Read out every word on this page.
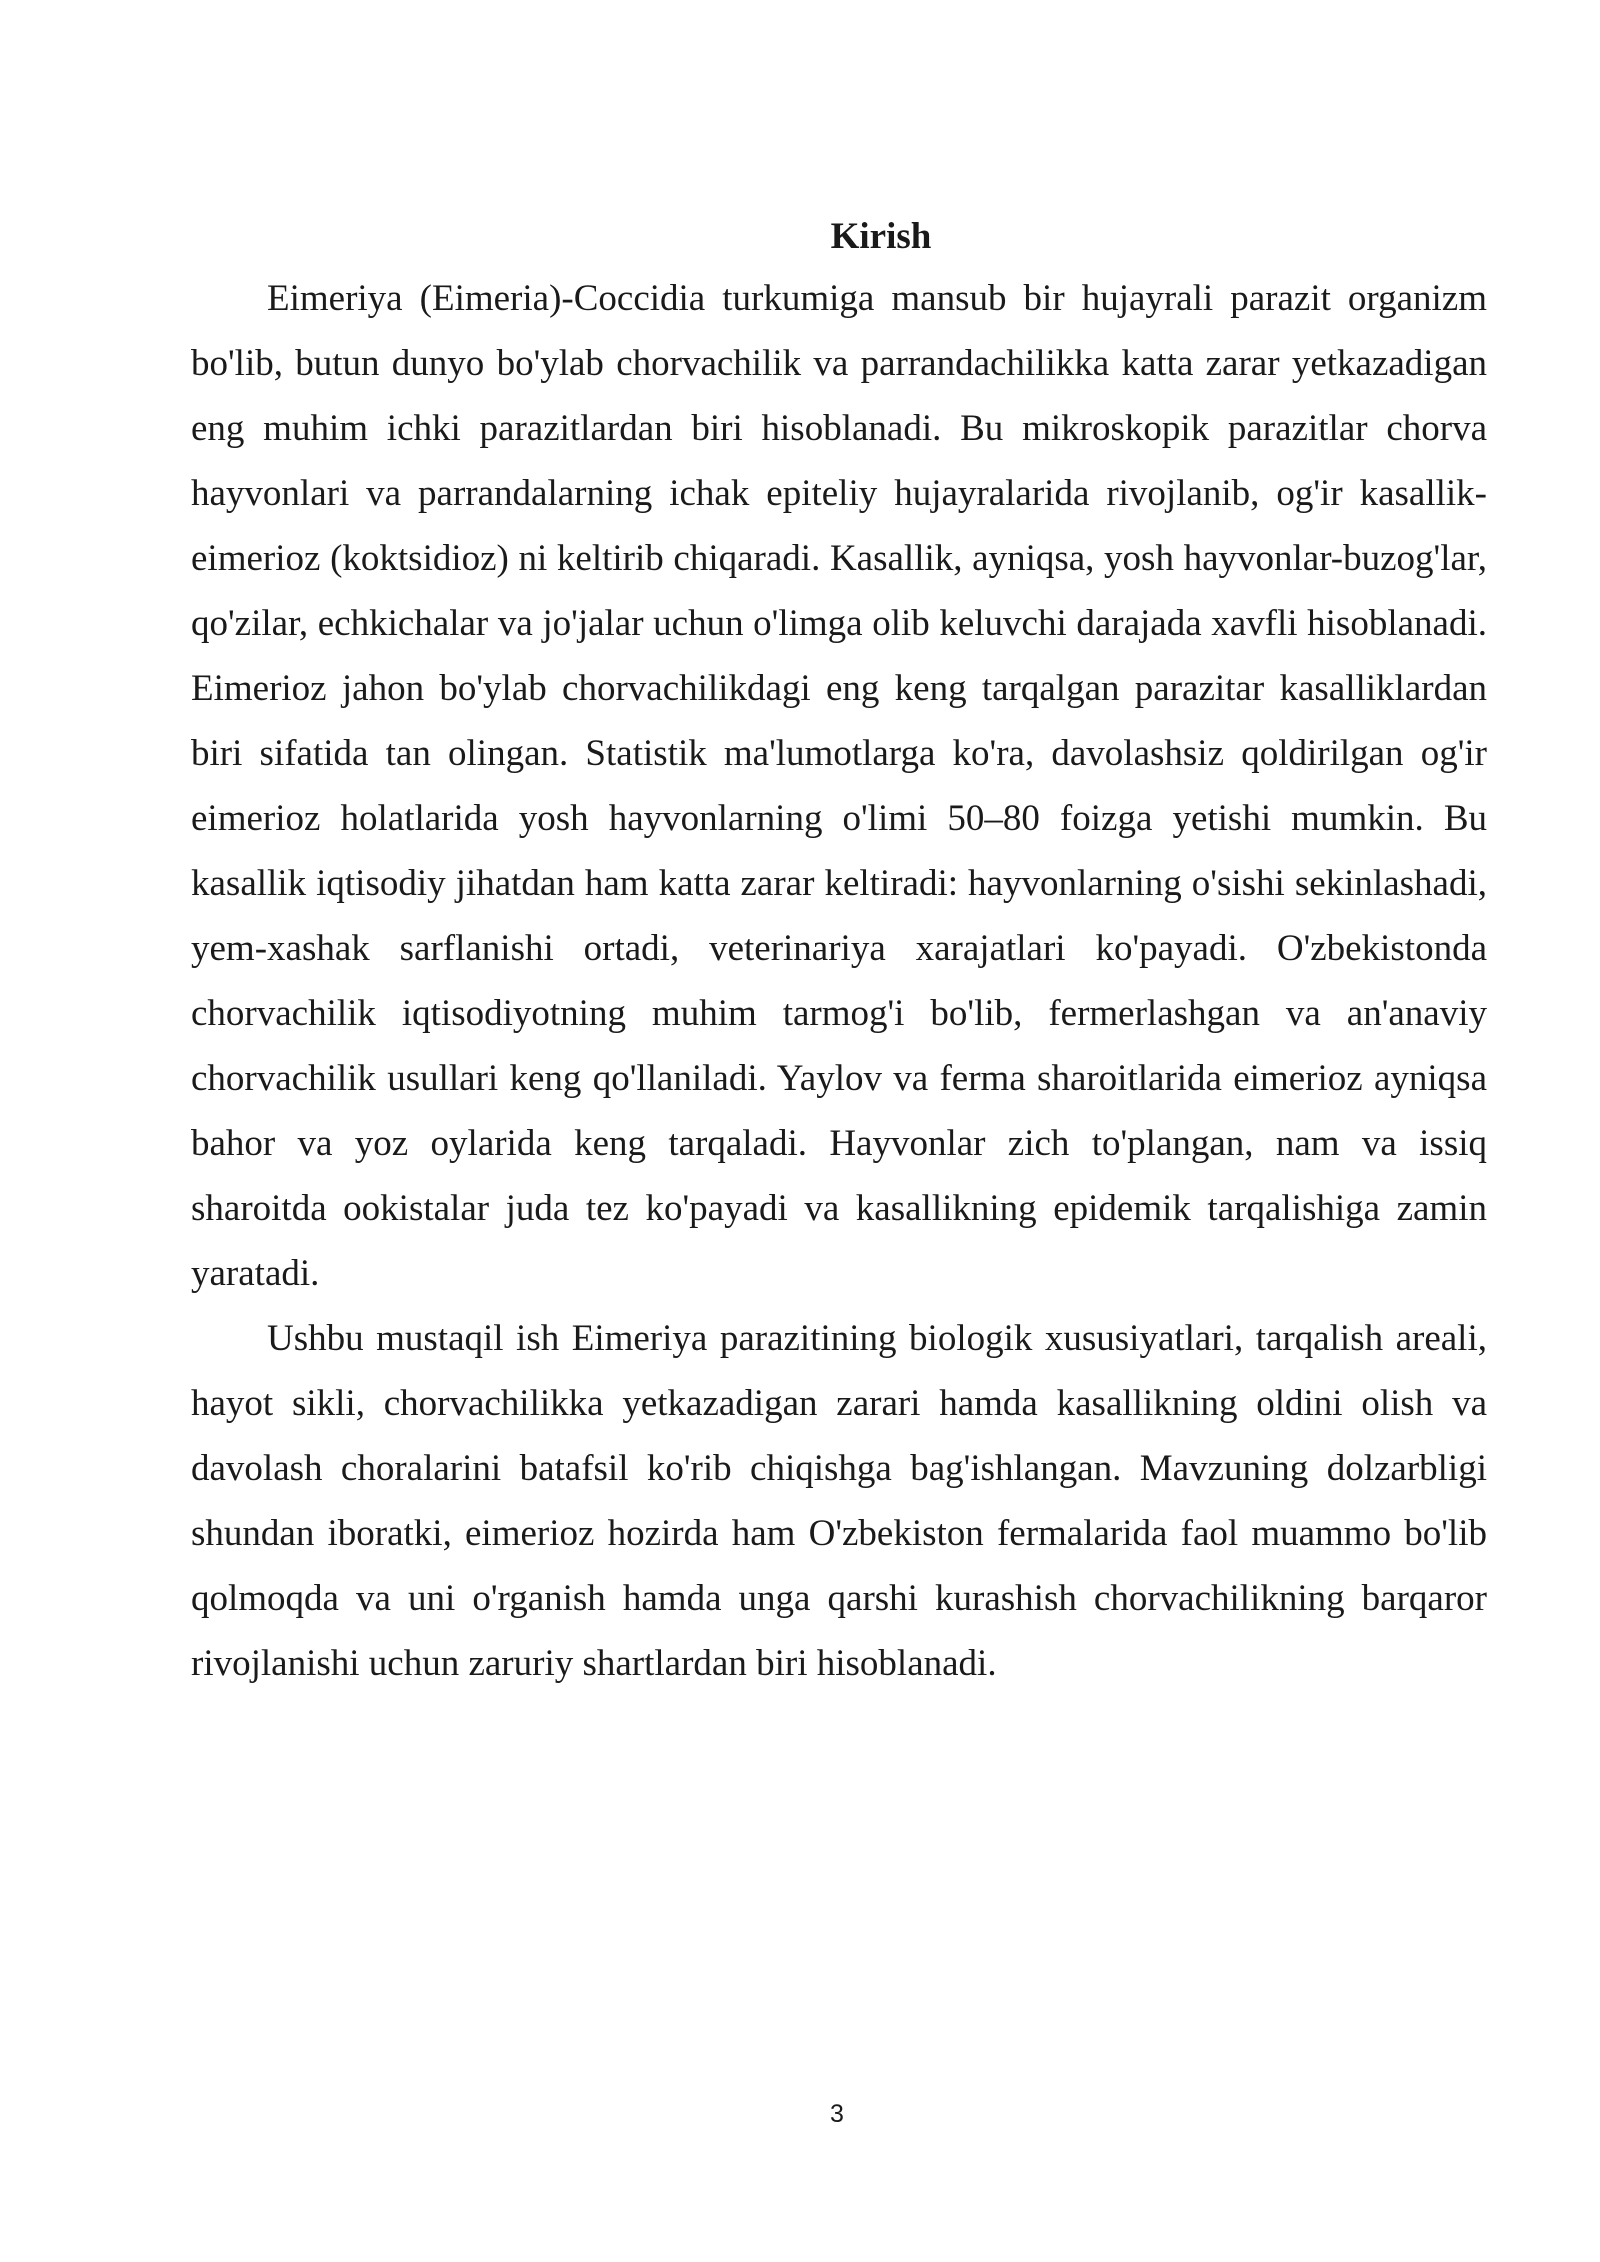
Kirish

Eimeriya (Eimeria)-Coccidia turkumiga mansub bir hujayrali parazit organizm bo'lib, butun dunyo bo'ylab chorvachilik va parrandachilikka katta zarar yetkazadigan eng muhim ichki parazitlardan biri hisoblanadi. Bu mikroskopik parazitlar chorva hayvonlari va parrandalarning ichak epiteliy hujayralarida rivojlanib, og'ir kasallik-eimerioz (koktsidioz) ni keltirib chiqaradi. Kasallik, ayniqsa, yosh hayvonlar-buzog'lar, qo'zilar, echkichalar va jo'jalar uchun o'limga olib keluvchi darajada xavfli hisoblanadi. Eimerioz jahon bo'ylab chorvachilikdagi eng keng tarqalgan parazitar kasalliklardan biri sifatida tan olingan. Statistik ma'lumotlarga ko'ra, davolashsiz qoldirilgan og'ir eimerioz holatlarida yosh hayvonlarning o'limi 50–80 foizga yetishi mumkin. Bu kasallik iqtisodiy jihatdan ham katta zarar keltiradi: hayvonlarning o'sishi sekinlashadi, yem-xashak sarflanishi ortadi, veterinariya xarajatlari ko'payadi. O'zbekistonda chorvachilik iqtisodiyotning muhim tarmog'i bo'lib, fermerlashgan va an'anaviy chorvachilik usullari keng qo'llaniladi. Yaylov va ferma sharoitlarida eimerioz ayniqsa bahor va yoz oylarida keng tarqaladi. Hayvonlar zich to'plangan, nam va issiq sharoitda ookistalar juda tez ko'payadi va kasallikning epidemik tarqalishiga zamin yaratadi.

Ushbu mustaqil ish Eimeriya parazitining biologik xususiyatlari, tarqalish areali, hayot sikli, chorvachilikka yetkazadigan zarari hamda kasallikning oldini olish va davolash choralarini batafsil ko'rib chiqishga bag'ishlangan. Mavzuning dolzarbligi shundan iboratki, eimerioz hozirda ham O'zbekiston fermalarida faol muammo bo'lib qolmoqda va uni o'rganish hamda unga qarshi kurashish chorvachilikning barqaror rivojlanishi uchun zaruriy shartlardan biri hisoblanadi.

3
